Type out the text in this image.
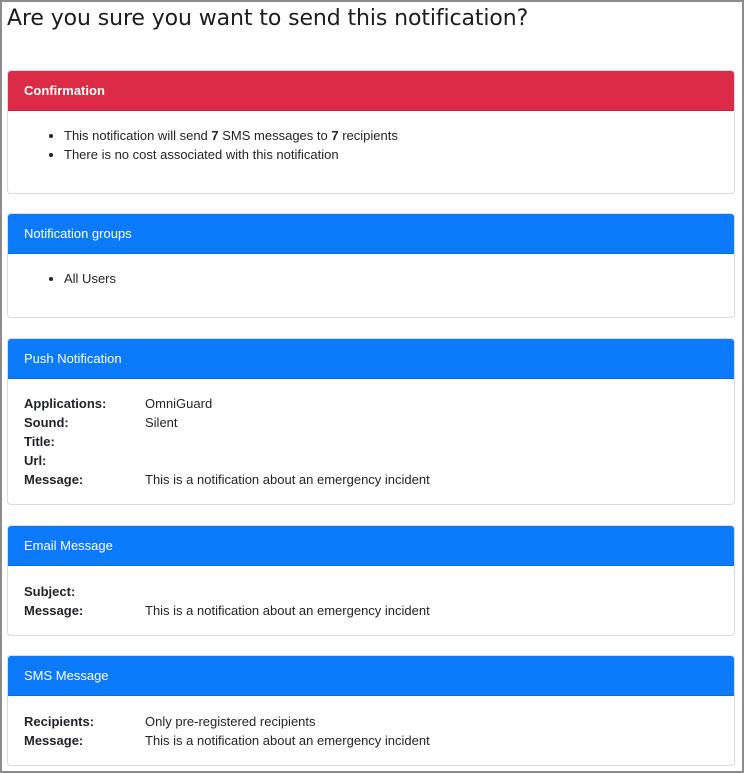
Are you sure you want to send this notification?
Confirmation
• This notification will send 7 SMS messages to 7 recipients
• There is no cost associated with this notification
Notification groups
• All Users
Push Notification
Applications:	OmniGuard
Sound:	Silent
Title:
Url:
Message:	This is a notification about an emergency incident
Email Message
Subject:
Message:	This is a notification about an emergency incident
SMS Message
Recipients:	Only pre-registered recipients
Message:	This is a notification about an emergency incident
